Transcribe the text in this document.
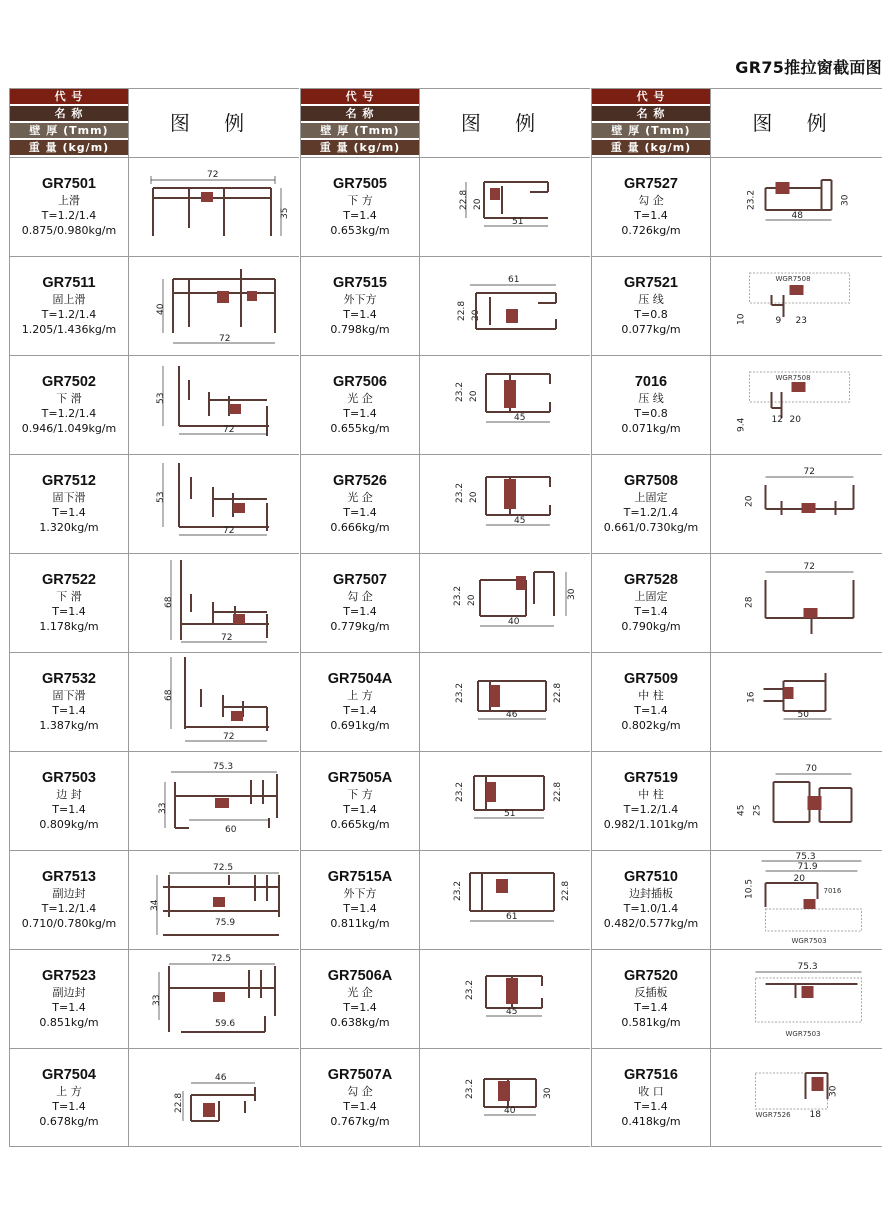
GR75推拉窗截面图
代 号
名 称
壁 厚 (Tmm)
重 量 (kg/m)
图 例
GR7501
上滑
T=1.2/1.4
0.875/0.980kg/m
72
35
GR7511
固上滑
T=1.2/1.4
1.205/1.436kg/m
40
72
GR7502
下 滑
T=1.2/1.4
0.946/1.049kg/m
53
72
GR7512
固下滑
T=1.4
1.320kg/m
53
72
GR7522
下 滑
T=1.4
1.178kg/m
68
72
GR7532
固下滑
T=1.4
1.387kg/m
68
72
GR7503
边 封
T=1.4
0.809kg/m
75.3
33
60
GR7513
副边封
T=1.2/1.4
0.710/0.780kg/m
72.5
34
75.9
GR7523
副边封
T=1.4
0.851kg/m
72.5
33
59.6
GR7504
上 方
T=1.4
0.678kg/m
46
22.8
代 号
名 称
壁 厚 (Tmm)
重 量 (kg/m)
图 例
GR7505
下 方
T=1.4
0.653kg/m
22.8 20
51
GR7515
外下方
T=1.4
0.798kg/m
61
22.8 20
GR7506
光 企
T=1.4
0.655kg/m
23.2 20
45
GR7526
光 企
T=1.4
0.666kg/m
23.2 20
45
GR7507
勾 企
T=1.4
0.779kg/m
23.2 20
30
40
GR7504A
上 方
T=1.4
0.691kg/m
23.2	22.8
46
GR7505A
下 方
T=1.4
0.665kg/m
23.2	22.8
51
GR7515A
外下方
T=1.4
0.811kg/m
23.2	22.8
61
GR7506A
光 企
T=1.4
0.638kg/m
23.2
45
GR7507A
勾 企
T=1.4
0.767kg/m
23.2	30
40
代 号
名 称
壁 厚 (Tmm)
重 量 (kg/m)
图 例
GR7527
勾 企
T=1.4
0.726kg/m
23.2	30
48
GR7521
压 线
T=0.8
0.077kg/m
WGR7508
10	9 23
7016
压 线
T=0.8
0.071kg/m
WGR7508
9.4	12 20
GR7508
上固定
T=1.2/1.4
0.661/0.730kg/m
72
20
GR7528
上固定
T=1.4
0.790kg/m
72
28
GR7509
中 柱
T=1.4
0.802kg/m
16
50
GR7519
中 柱
T=1.2/1.4
0.982/1.101kg/m
70
45 25
GR7510
边封插板
T=1.0/1.4
0.482/0.577kg/m
75.3
71.9
20
10.5	7016
WGR7503
GR7520
反插板
T=1.4
0.581kg/m
75.3
WGR7503
GR7516
收 口
T=1.4
0.418kg/m
30
WGR7526 18
